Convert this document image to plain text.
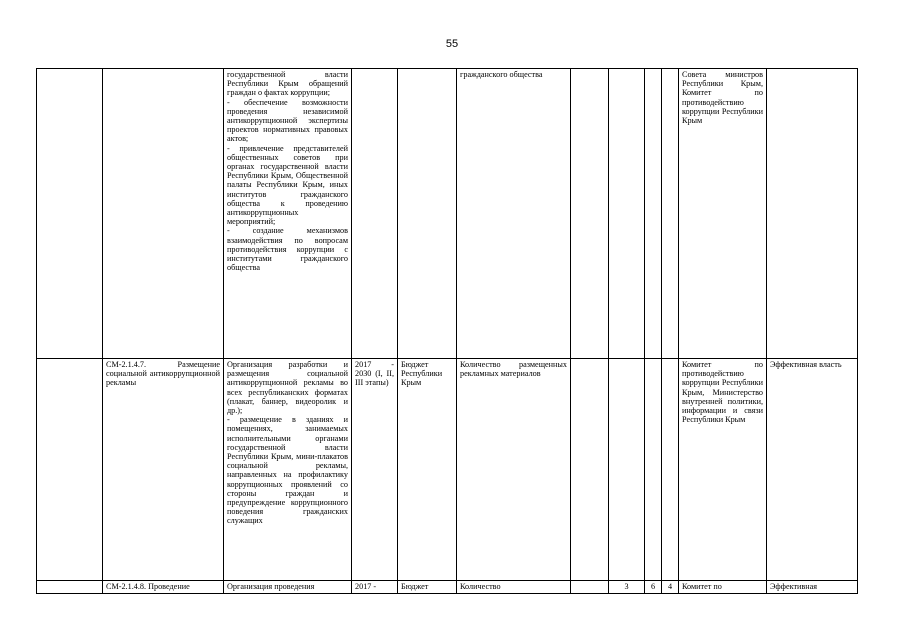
55

		государственной власти Республики Крым обращений граждан о фактах коррупции;
- обеспечение возможности проведения независимой антикоррупционной экспертизы проектов нормативных правовых актов;
- привлечение представителей общественных советов при органах государственной власти Республики Крым, Общественной палаты Республики Крым, иных институтов гражданского общества к проведению антикоррупционных мероприятий;
- создание механизмов взаимодействия по вопросам противодействия коррупции с институтами гражданского общества			гражданского общества					Совета министров Республики Крым, Комитет по противодействию коррупции Республики Крым	

	СМ-2.1.4.7. Размещение социальной антикоррупционной рекламы	Организация разработки и размещения социальной антикоррупционной рекламы во всех республиканских форматах (плакат, баннер, видеоролик и др.);
- размещение в зданиях и помещениях, занимаемых исполнительными органами государственной власти Республики Крым, мини-плакатов социальной рекламы, направленных на профилактику коррупционных проявлений со стороны граждан и предупреждение коррупционного поведения гражданских служащих	2017 - 2030 (I, II, III этапы)	Бюджет Республики Крым	Количество размещенных рекламных материалов					Комитет по противодействию коррупции Республики Крым, Министерство внутренней политики, информации и связи Республики Крым	Эффективная власть

	СМ-2.1.4.8. Проведение	Организация проведения	2017 -	Бюджет	Количество		3	6	4	Комитет по	Эффективная
